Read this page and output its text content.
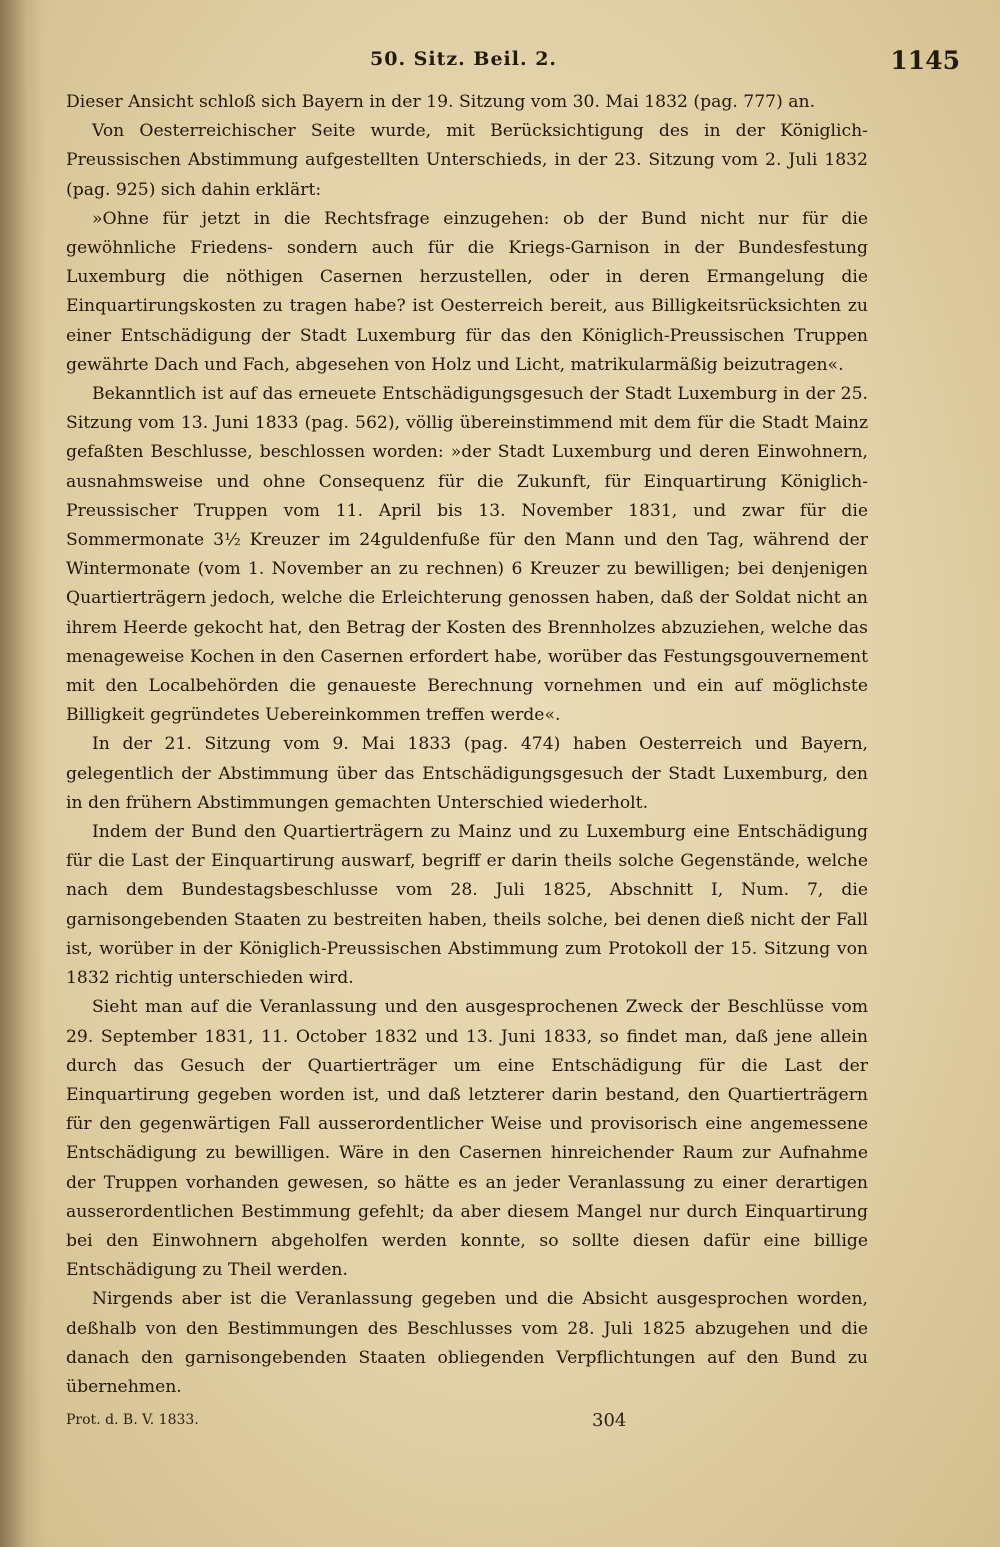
50. Sitz. Beil. 2.	1145

Dieser Ansicht schloß sich Bayern in der 19. Sitzung vom 30. Mai 1832 (pag. 777) an.

Von Oesterreichischer Seite wurde, mit Berücksichtigung des in der Königlich-Preussischen Abstimmung aufgestellten Unterschieds, in der 23. Sitzung vom 2. Juli 1832 (pag. 925) sich dahin erklärt:

»Ohne für jetzt in die Rechtsfrage einzugehen: ob der Bund nicht nur für die gewöhnliche Friedens- sondern auch für die Kriegs-Garnison in der Bundesfestung Luxemburg die nöthigen Casernen herzustellen, oder in deren Ermangelung die Einquartirungskosten zu tragen habe? ist Oesterreich bereit, aus Billigkeitsrücksichten zu einer Entschädigung der Stadt Luxemburg für das den Königlich-Preussischen Truppen gewährte Dach und Fach, abgesehen von Holz und Licht, matrikularmäßig beizutragen«.

Bekanntlich ist auf das erneuete Entschädigungsgesuch der Stadt Luxemburg in der 25. Sitzung vom 13. Juni 1833 (pag. 562), völlig übereinstimmend mit dem für die Stadt Mainz gefaßten Beschlusse, beschlossen worden: »der Stadt Luxemburg und deren Einwohnern, ausnahmsweise und ohne Consequenz für die Zukunft, für Einquartirung Königlich-Preussischer Truppen vom 11. April bis 13. November 1831, und zwar für die Sommermonate 3½ Kreuzer im 24guldenfuße für den Mann und den Tag, während der Wintermonate (vom 1. November an zu rechnen) 6 Kreuzer zu bewilligen; bei denjenigen Quartierträgern jedoch, welche die Erleichterung genossen haben, daß der Soldat nicht an ihrem Heerde gekocht hat, den Betrag der Kosten des Brennholzes abzuziehen, welche das menageweise Kochen in den Casernen erfordert habe, worüber das Festungsgouvernement mit den Localbehörden die genaueste Berechnung vornehmen und ein auf möglichste Billigkeit gegründetes Uebereinkommen treffen werde«.

In der 21. Sitzung vom 9. Mai 1833 (pag. 474) haben Oesterreich und Bayern, gelegentlich der Abstimmung über das Entschädigungsgesuch der Stadt Luxemburg, den in den frühern Abstimmungen gemachten Unterschied wiederholt.

Indem der Bund den Quartierträgern zu Mainz und zu Luxemburg eine Entschädigung für die Last der Einquartirung auswarf, begriff er darin theils solche Gegenstände, welche nach dem Bundestagsbeschlusse vom 28. Juli 1825, Abschnitt I, Num. 7, die garnisongebenden Staaten zu bestreiten haben, theils solche, bei denen dieß nicht der Fall ist, worüber in der Königlich-Preussischen Abstimmung zum Protokoll der 15. Sitzung von 1832 richtig unterschieden wird.

Sieht man auf die Veranlassung und den ausgesprochenen Zweck der Beschlüsse vom 29. September 1831, 11. October 1832 und 13. Juni 1833, so findet man, daß jene allein durch das Gesuch der Quartierträger um eine Entschädigung für die Last der Einquartirung gegeben worden ist, und daß letzterer darin bestand, den Quartierträgern für den gegenwärtigen Fall ausserordentlicher Weise und provisorisch eine angemessene Entschädigung zu bewilligen. Wäre in den Casernen hinreichender Raum zur Aufnahme der Truppen vorhanden gewesen, so hätte es an jeder Veranlassung zu einer derartigen ausserordentlichen Bestimmung gefehlt; da aber diesem Mangel nur durch Einquartirung bei den Einwohnern abgeholfen werden konnte, so sollte diesen dafür eine billige Entschädigung zu Theil werden.

Nirgends aber ist die Veranlassung gegeben und die Absicht ausgesprochen worden, deßhalb von den Bestimmungen des Beschlusses vom 28. Juli 1825 abzugehen und die danach den garnisongebenden Staaten obliegenden Verpflichtungen auf den Bund zu übernehmen.

Prot. d. B. V. 1833.	304
